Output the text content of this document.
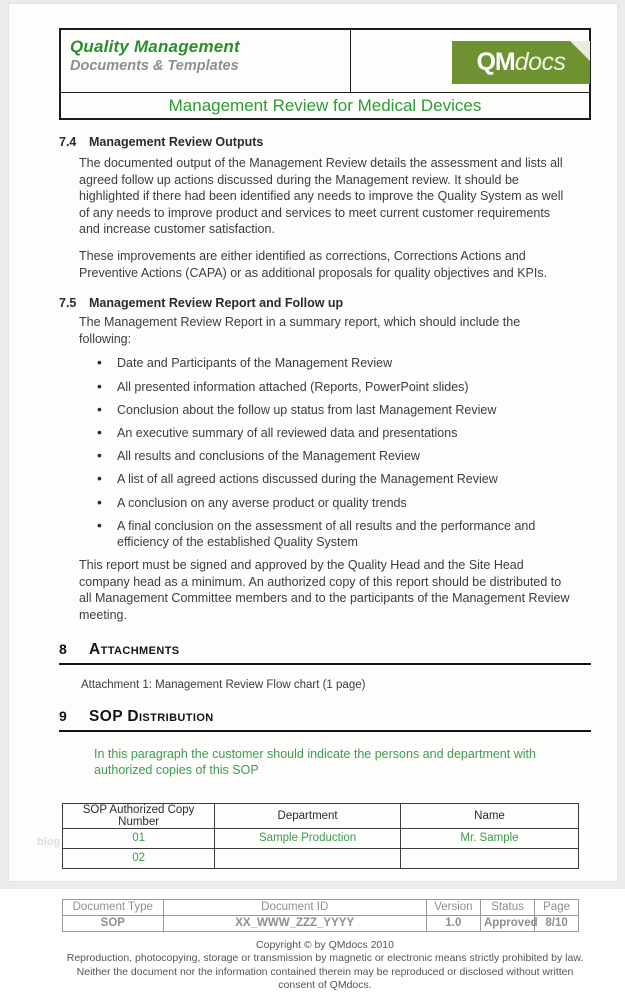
Quality Management
Documents & Templates	QM docs
Management Review for Medical Devices
7.4	Management Review Outputs

The documented output of the Management Review details the assessment and lists all agreed follow up actions discussed during the Management review. It should be highlighted if there had been identified any needs to improve the Quality System as well of any needs to improve product and services to meet current customer requirements and increase customer satisfaction.

These improvements are either identified as corrections, Corrections Actions and Preventive Actions (CAPA) or as additional proposals for quality objectives and KPIs.

7.5	Management Review Report and Follow up

The Management Review Report in a summary report, which should include the following:

• Date and Participants of the Management Review
• All presented information attached (Reports, PowerPoint slides)
• Conclusion about the follow up status from last Management Review
• An executive summary of all reviewed data and presentations
• All results and conclusions of the Management Review
• A list of all agreed actions discussed during the Management Review
• A conclusion on any averse product or quality trends
• A final conclusion on the assessment of all results and the performance and efficiency of the established Quality System

This report must be signed and approved by the Quality Head and the Site Head company head as a minimum. An authorized copy of this report should be distributed to all Management Committee members and to the participants of the Management Review meeting.

8	Attachments
Attachment 1: Management Review Flow chart (1 page)
9	SOP Distribution
In this paragraph the customer should indicate the persons and department with authorized copies of this SOP
SOP Authorized Copy Number	Department	Name
01	Sample Production	Mr. Sample
02		
Document Type	Document ID	Version	Status	Page
SOP	XX_WWW_ZZZ_YYYY	1.0	Approved	8/10
Copyright © by QMdocs 2010
Reproduction, photocopying, storage or transmission by magnetic or electronic means strictly prohibited by law. Neither the document nor the information contained therein may be reproduced or disclosed without written consent of QMdocs.
blog
